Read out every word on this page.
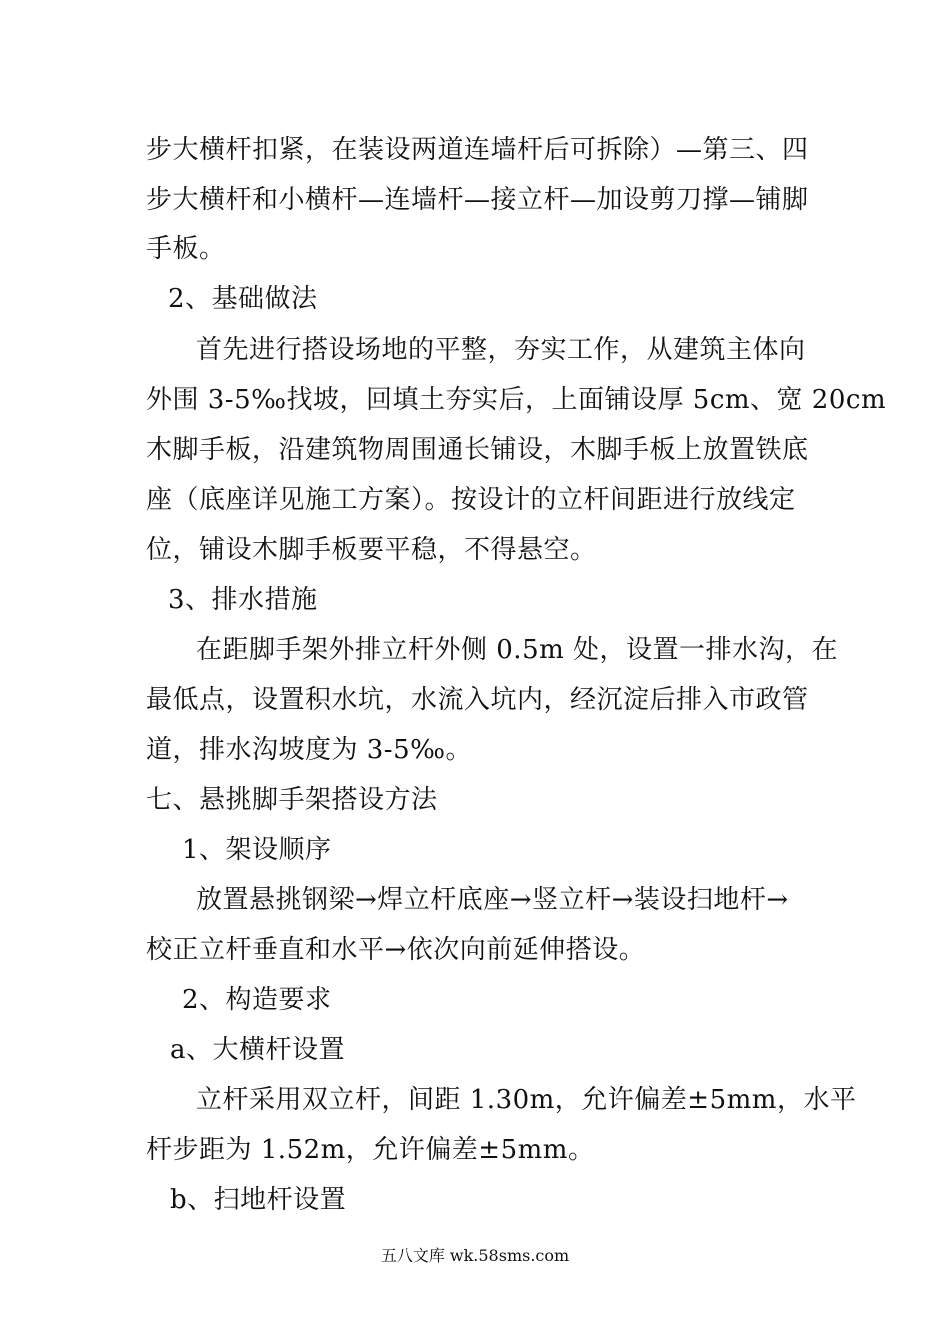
步大横杆扣紧，在装设两道连墙杆后可拆除）—第三、四
步大横杆和小横杆—连墙杆—接立杆—加设剪刀撑—铺脚
手板。
2、基础做法
首先进行搭设场地的平整，夯实工作，从建筑主体向
外围 3-5‰找坡，回填土夯实后，上面铺设厚 5cm、宽 20cm
木脚手板，沿建筑物周围通长铺设，木脚手板上放置铁底
座（底座详见施工方案）。按设计的立杆间距进行放线定
位，铺设木脚手板要平稳，不得悬空。
3、排水措施
在距脚手架外排立杆外侧 0.5m 处，设置一排水沟，在
最低点，设置积水坑，水流入坑内，经沉淀后排入市政管
道，排水沟坡度为 3-5‰。
七、悬挑脚手架搭设方法
1、架设顺序
放置悬挑钢梁→焊立杆底座→竖立杆→装设扫地杆→
校正立杆垂直和水平→依次向前延伸搭设。
2、构造要求
a、大横杆设置
立杆采用双立杆，间距 1.30m，允许偏差±5mm，水平
杆步距为 1.52m，允许偏差±5mm。
b、扫地杆设置
五八文库 wk.58sms.com
